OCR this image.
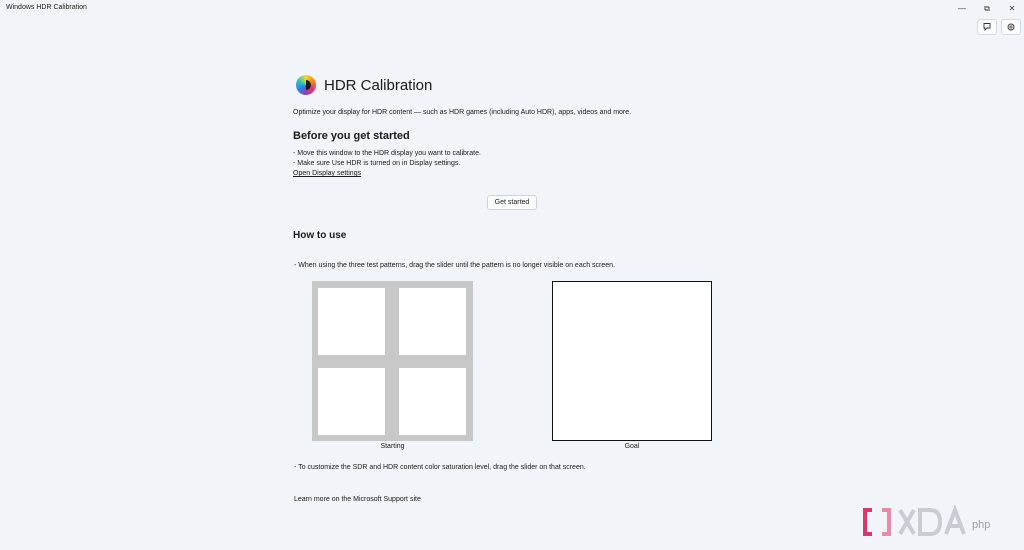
Windows HDR Calibration	—	⧉	✕
HDR Calibration
Optimize your display for HDR content — such as HDR games (including Auto HDR), apps, videos and more.
Before you get started
- Move this window to the HDR display you want to calibrate.
- Make sure Use HDR is turned on in Display settings.
Open Display settings
Get started
How to use
- When using the three test patterns, drag the slider until the pattern is no longer visible on each screen.
Starting	Goal
- To customize the SDR and HDR content color saturation level, drag the slider on that screen.
Learn more on the Microsoft Support site
php
